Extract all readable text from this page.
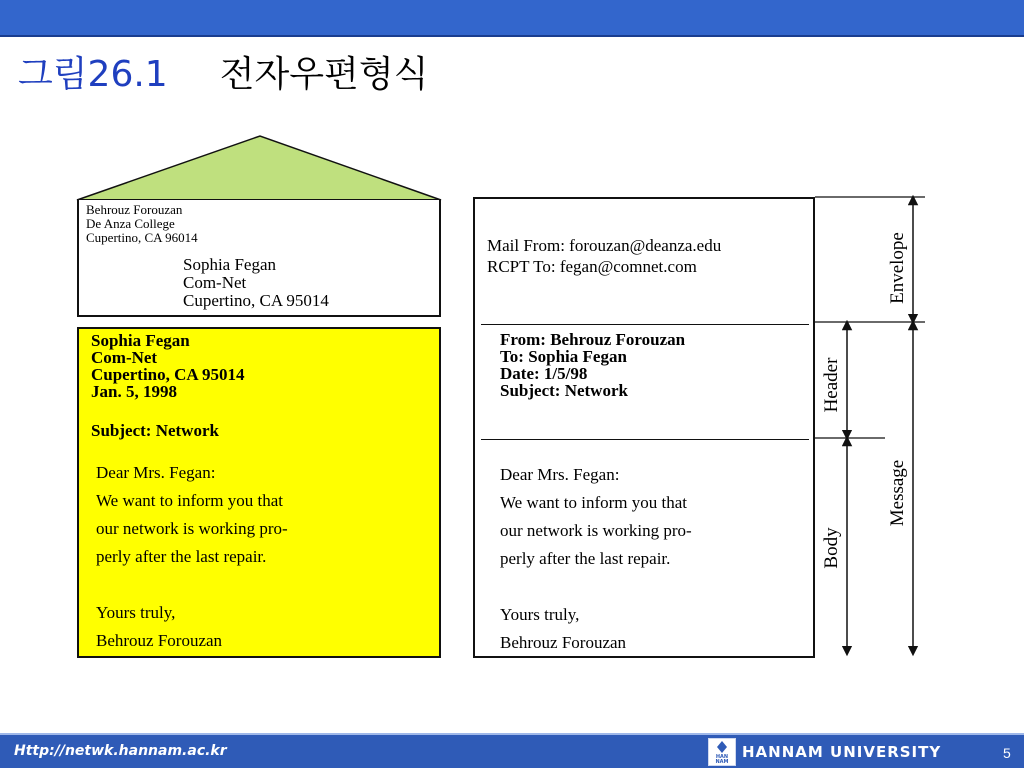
그림26.1 전자우편형식
Behrouz Forouzan
De Anza College
Cupertino, CA 96014
Sophia Fegan
Com-Net
Cupertino, CA 95014
Sophia Fegan
Com-Net
Cupertino, CA 95014
Jan. 5, 1998
Subject: Network
Dear Mrs. Fegan:
We want to inform you that
our network is working pro-
perly after the last repair.
Yours truly,
Behrouz Forouzan
Mail From: forouzan@deanza.edu
RCPT To: fegan@comnet.com
From: Behrouz Forouzan
To: Sophia Fegan
Date: 1/5/98
Subject: Network
Dear Mrs. Fegan:
We want to inform you that
our network is working pro-
perly after the last repair.
Yours truly,
Behrouz Forouzan
Envelope
Header
Body
Message
Http://netwk.hannam.ac.kr	HAN
NAM
HANNAM UNIVERSITY	5
